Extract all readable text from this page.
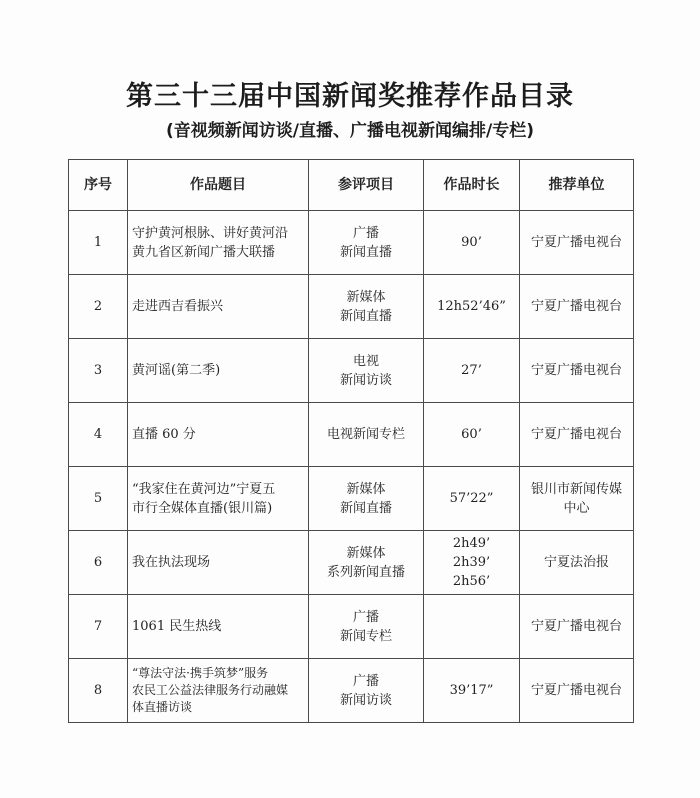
第三十三届中国新闻奖推荐作品目录
(音视频新闻访谈/直播、广播电视新闻编排/专栏)
序号	作品题目	参评项目	作品时长	推荐单位
1	守护黄河根脉、讲好黄河沿
黄九省区新闻广播大联播	广播
新闻直播	90’	宁夏广播电视台

2	走进西吉看振兴	新媒体
新闻直播	12h52’46”	宁夏广播电视台

3	黄河谣(第二季)	电视
新闻访谈	27’	宁夏广播电视台

4	直播 60 分	电视新闻专栏	60’	宁夏广播电视台

5	“我家住在黄河边”宁夏五
市行全媒体直播(银川篇)	新媒体
新闻直播	57’22”	银川市新闻传媒
中心

6	我在执法现场	新媒体
系列新闻直播	2h49’
2h39’
2h56’	宁夏法治报

7	1061 民生热线	广播
新闻专栏		宁夏广播电视台

8	“尊法守法·携手筑梦”服务
农民工公益法律服务行动融媒
体直播访谈	广播
新闻访谈	39’17”	宁夏广播电视台
